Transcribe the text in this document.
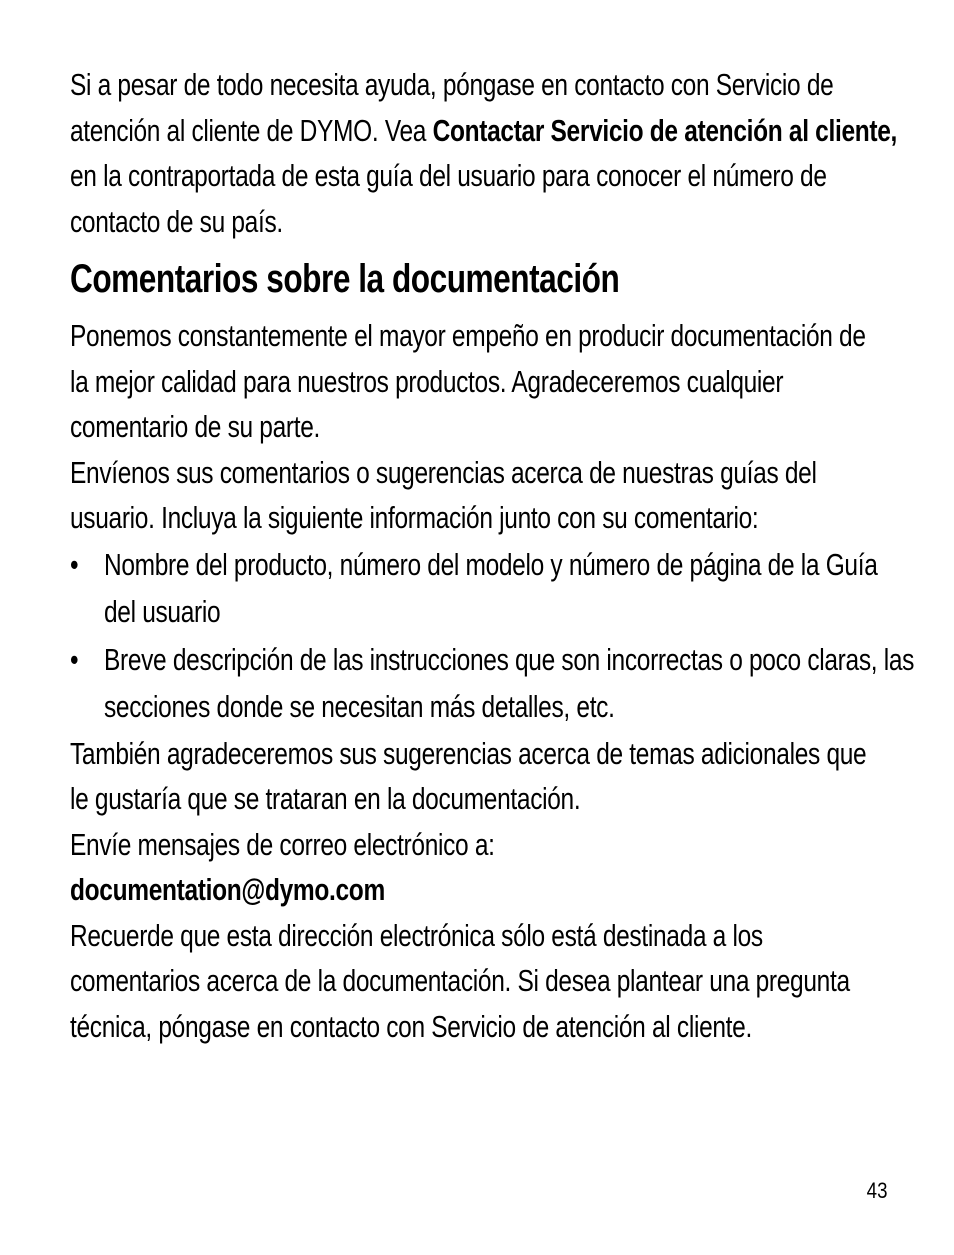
Si a pesar de todo necesita ayuda, póngase en contacto con Servicio de atención al cliente de DYMO. Vea Contactar Servicio de atención al cliente, en la contraportada de esta guía del usuario para conocer el número de contacto de su país.

Comentarios sobre la documentación

Ponemos constantemente el mayor empeño en producir documentación de la mejor calidad para nuestros productos. Agradeceremos cualquier comentario de su parte.

Envíenos sus comentarios o sugerencias acerca de nuestras guías del usuario. Incluya la siguiente información junto con su comentario:

• Nombre del producto, número del modelo y número de página de la Guía del usuario
• Breve descripción de las instrucciones que son incorrectas o poco claras, las secciones donde se necesitan más detalles, etc.

También agradeceremos sus sugerencias acerca de temas adicionales que le gustaría que se trataran en la documentación.

Envíe mensajes de correo electrónico a:

documentation@dymo.com

Recuerde que esta dirección electrónica sólo está destinada a los comentarios acerca de la documentación. Si desea plantear una pregunta técnica, póngase en contacto con Servicio de atención al cliente.

43
